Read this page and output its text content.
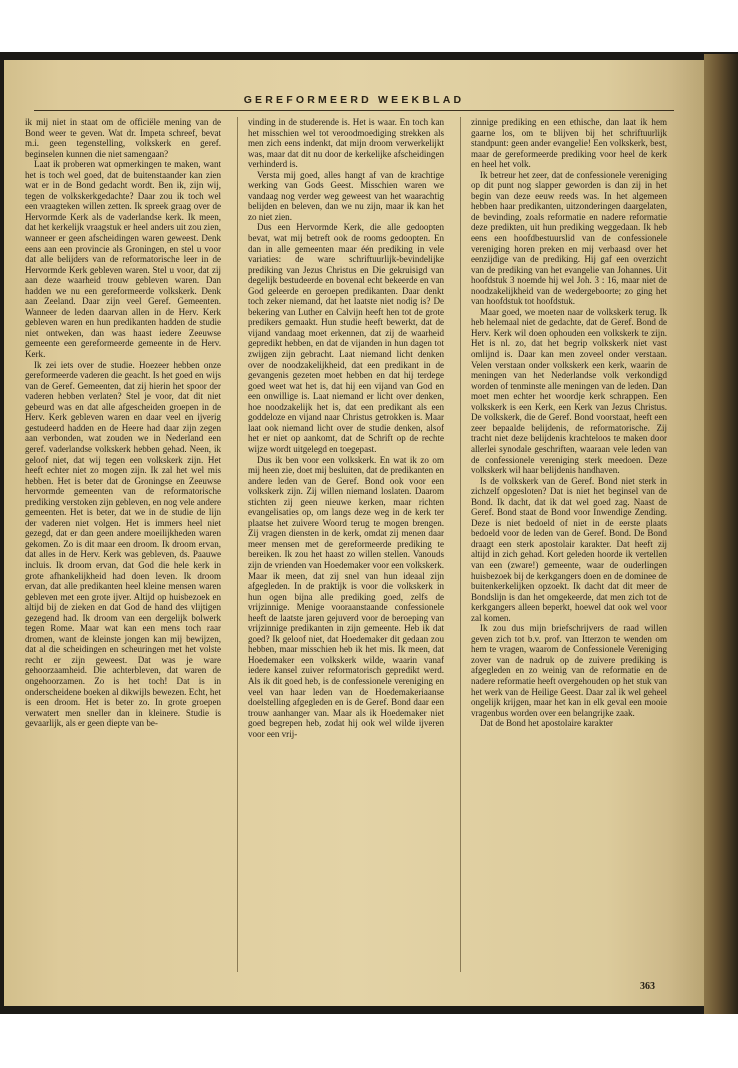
GEREFORMEERD WEEKBLAD

ik mij niet in staat om de officiële mening van de Bond weer te geven. Wat dr. Impeta schreef, bevat m.i. geen tegenstelling, volkskerk en geref. beginselen kunnen die niet samengaan?

Laat ik proberen wat opmerkingen te maken, want het is toch wel goed, dat de buitenstaander kan zien wat er in de Bond gedacht wordt. Ben ik, zijn wij, tegen de volkskerkgedachte? Daar zou ik toch wel een vraagteken willen zetten. Ik spreek graag over de Hervormde Kerk als de vaderlandse kerk. Ik meen, dat het kerkelijk vraagstuk er heel anders uit zou zien, wanneer er geen afscheidingen waren geweest. Denk eens aan een provincie als Groningen, en stel u voor dat alle belijders van de reformatorische leer in de Hervormde Kerk gebleven waren. Stel u voor, dat zij aan deze waarheid trouw gebleven waren. Dan hadden we nu een gereformeerde volkskerk. Denk aan Zeeland. Daar zijn veel Geref. Gemeenten. Wanneer de leden daarvan allen in de Herv. Kerk gebleven waren en hun predikanten hadden de studie niet ontweken, dan was haast iedere Zeeuwse gemeente een gereformeerde gemeente in de Herv. Kerk.

Ik zei iets over de studie. Hoezeer hebben onze gereformeerde vaderen die geacht. Is het goed en wijs van de Geref. Gemeenten, dat zij hierin het spoor der vaderen hebben verlaten? Stel je voor, dat dit niet gebeurd was en dat alle afgescheiden groepen in de Herv. Kerk gebleven waren en daar veel en ijverig gestudeerd hadden en de Heere had daar zijn zegen aan verbonden, wat zouden we in Nederland een geref. vaderlandse volkskerk hebben gehad. Neen, ik geloof niet, dat wij tegen een volkskerk zijn. Het heeft echter niet zo mogen zijn. Ik zal het wel mis hebben. Het is beter dat de Groningse en Zeeuwse hervormde gemeenten van de reformatorische prediking verstoken zijn gebleven, en nog vele andere gemeenten. Het is beter, dat we in de studie de lijn der vaderen niet volgen. Het is immers heel niet gezegd, dat er dan geen andere moeilijkheden waren gekomen. Zo is dit maar een droom. Ik droom ervan, dat alles in de Herv. Kerk was gebleven, ds. Paauwe incluis. Ik droom ervan, dat God die hele kerk in grote afhankelijkheid had doen leven. Ik droom ervan, dat alle predikanten heel kleine mensen waren gebleven met een grote ijver. Altijd op huisbezoek en altijd bij de zieken en dat God de hand des vlijtigen gezegend had. Ik droom van een dergelijk bolwerk tegen Rome. Maar wat kan een mens toch raar dromen, want de kleinste jongen kan mij bewijzen, dat al die scheidingen en scheuringen met het volste recht er zijn geweest. Dat was je ware gehoorzaamheid. Die achterbleven, dat waren de ongehoorzamen. Zo is het toch! Dat is in onderscheidene boeken al dikwijls bewezen. Echt, het is een droom. Het is beter zo. In grote groepen verwatert men sneller dan in kleinere. Studie is gevaarlijk, als er geen diepte van be-

vinding in de studerende is. Het is waar. En toch kan het misschien wel tot veroodmoediging strekken als men zich eens indenkt, dat mijn droom verwerkelijkt was, maar dat dit nu door de kerkelijke afscheidingen verhinderd is.

Versta mij goed, alles hangt af van de krachtige werking van Gods Geest. Misschien waren we vandaag nog verder weg geweest van het waarachtig belijden en beleven, dan we nu zijn, maar ik kan het zo niet zien.

Dus een Hervormde Kerk, die alle gedoopten bevat, wat mij betreft ook de rooms gedoopten. En dan in alle gemeenten maar één prediking in vele variaties: de ware schriftuurlijk-bevindelijke prediking van Jezus Christus en Die gekruisigd van degelijk bestudeerde en bovenal echt bekeerde en van God geleerde en geroepen predikanten. Daar denkt toch zeker niemand, dat het laatste niet nodig is? De bekering van Luther en Calvijn heeft hen tot de grote predikers gemaakt. Hun studie heeft bewerkt, dat de vijand vandaag moet erkennen, dat zij de waarheid gepredikt hebben, en dat de vijanden in hun dagen tot zwijgen zijn gebracht. Laat niemand licht denken over de noodzakelijkheid, dat een predikant in de gevangenis gezeten moet hebben en dat hij terdege goed weet wat het is, dat hij een vijand van God en een onwillige is. Laat niemand er licht over denken, hoe noodzakelijk het is, dat een predikant als een goddeloze en vijand naar Christus getrokken is. Maar laat ook niemand licht over de studie denken, alsof het er niet op aankomt, dat de Schrift op de rechte wijze wordt uitgelegd en toegepast.

Dus ik ben voor een volkskerk. En wat ik zo om mij heen zie, doet mij besluiten, dat de predikanten en andere leden van de Geref. Bond ook voor een volkskerk zijn. Zij willen niemand loslaten. Daarom stichten zij geen nieuwe kerken, maar richten evangelisaties op, om langs deze weg in de kerk ter plaatse het zuivere Woord terug te mogen brengen. Zij vragen diensten in de kerk, omdat zij menen daar meer mensen met de gereformeerde prediking te bereiken. Ik zou het haast zo willen stellen. Vanouds zijn de vrienden van Hoedemaker voor een volkskerk. Maar ik meen, dat zij snel van hun ideaal zijn afgegleden. In de praktijk is voor die volkskerk in hun ogen bijna alle prediking goed, zelfs de vrijzinnige. Menige vooraanstaande confessionele heeft de laatste jaren gejuverd voor de beroeping van vrijzinnige predikanten in zijn gemeente. Heb ik dat goed? Ik geloof niet, dat Hoedemaker dit gedaan zou hebben, maar misschien heb ik het mis. Ik meen, dat Hoedemaker een volkskerk wilde, waarin vanaf iedere kansel zuiver reformatorisch gepredikt werd. Als ik dit goed heb, is de confessionele vereniging en veel van haar leden van de Hoedemakeriaanse doelstelling afgegleden en is de Geref. Bond daar een trouw aanhanger van. Maar als ik Hoedemaker niet goed begrepen heb, zodat hij ook wel wilde ijveren voor een vrij-

zinnige prediking en een ethische, dan laat ik hem gaarne los, om te blijven bij het schriftuurlijk standpunt: geen ander evangelie! Een volkskerk, best, maar de gereformeerde prediking voor heel de kerk en heel het volk.

Ik betreur het zeer, dat de confessionele vereniging op dit punt nog slapper geworden is dan zij in het begin van deze eeuw reeds was. In het algemeen hebben haar predikanten, uitzonderingen daargelaten, de bevinding, zoals reformatie en nadere reformatie deze predikten, uit hun prediking weggedaan. Ik heb eens een hoofdbestuurslid van de confessionele vereniging horen preken en mij verbaasd over het eenzijdige van de prediking. Hij gaf een overzicht van de prediking van het evangelie van Johannes. Uit hoofdstuk 3 noemde hij wel Joh. 3 : 16, maar niet de noodzakelijkheid van de wedergeboorte; zo ging het van hoofdstuk tot hoofdstuk.

Maar goed, we moeten naar de volkskerk terug. Ik heb helemaal niet de gedachte, dat de Geref. Bond de Herv. Kerk wil doen ophouden een volkskerk te zijn. Het is nl. zo, dat het begrip volkskerk niet vast omlijnd is. Daar kan men zoveel onder verstaan. Velen verstaan onder volkskerk een kerk, waarin de meningen van het Nederlandse volk verkondigd worden of tenminste alle meningen van de leden. Dan moet men echter het woordje kerk schrappen. Een volkskerk is een Kerk, een Kerk van Jezus Christus. De volkskerk, die de Geref. Bond voorstaat, heeft een zeer bepaalde belijdenis, de reformatorische. Zij tracht niet deze belijdenis krachteloos te maken door allerlei synodale geschriften, waaraan vele leden van de confessionele vereniging sterk meedoen. Deze volkskerk wil haar belijdenis handhaven.

Is de volkskerk van de Geref. Bond niet sterk in zichzelf opgesloten? Dat is niet het beginsel van de Bond. Ik dacht, dat ik dat wel goed zag. Naast de Geref. Bond staat de Bond voor Inwendige Zending. Deze is niet bedoeld of niet in de eerste plaats bedoeld voor de leden van de Geref. Bond. De Bond draagt een sterk apostolair karakter. Dat heeft zij altijd in zich gehad. Kort geleden hoorde ik vertellen van een (zware!) gemeente, waar de ouderlingen huisbezoek bij de kerkgangers doen en de dominee de buitenkerkelijken opzoekt. Ik dacht dat dit meer de Bondslijn is dan het omgekeerde, dat men zich tot de kerkgangers alleen beperkt, hoewel dat ook wel voor zal komen.

Ik zou dus mijn briefschrijvers de raad willen geven zich tot b.v. prof. van Itterzon te wenden om hem te vragen, waarom de Confessionele Vereniging zover van de nadruk op de zuivere prediking is afgegleden en zo weinig van de reformatie en de nadere reformatie heeft overgehouden op het stuk van het werk van de Heilige Geest. Daar zal ik wel geheel ongelijk krijgen, maar het kan in elk geval een mooie vragenbus worden over een belangrijke zaak.

Dat de Bond het apostolaire karakter

363
